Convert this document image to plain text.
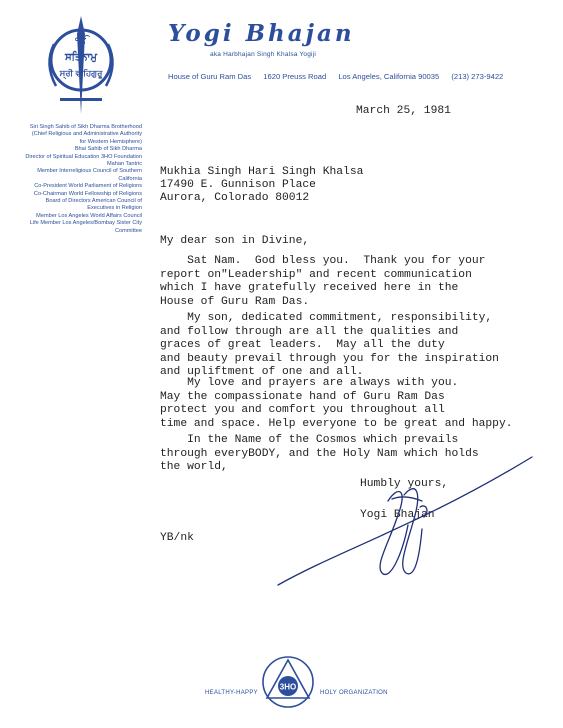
ੴ
ਸਤਿਨਾਮੁ
ਸ੍ਰੀ ਵਾਹਿਗੁਰੂ
Yogi Bhajan
aka Harbhajan Singh Khalsa Yogiji
House of Guru Ram Das 1620 Preuss Road Los Angeles, California 90035 (213) 273-9422
Siri Singh Sahib of Sikh Dharma Brotherhood
(Chief Religious and Administrative Authority
for Western Hemisphere)
Bhai Sahib of Sikh Dharma
Director of Spiritual Education 3HO Foundation
Mahan Tantric
Member Interreligious Council of Southern
California
Co-President World Parliament of Religions
Co-Chairman World Fellowship of Religions
Board of Directors American Council of
Executives in Religion
Member Los Angeles World Affairs Council
Life Member Los Angeles/Bombay Sister City
Committee
March 25, 1981
Mukhia Singh Hari Singh Khalsa
17490 E. Gunnison Place
Aurora, Colorado 80012
My dear son in Divine,
Sat Nam.  God bless you.  Thank you for your
report on"Leadership" and recent communication
which I have gratefully received here in the
House of Guru Ram Das.
My son, dedicated commitment, responsibility,
and follow through are all the qualities and
graces of great leaders.  May all the duty
and beauty prevail through you for the inspiration
and upliftment of one and all.
My love and prayers are always with you.
May the compassionate hand of Guru Ram Das
protect you and comfort you throughout all
time and space. Help everyone to be great and happy.
In the Name of the Cosmos which prevails
through everyBODY, and the Holy Nam which holds
the world,
Humbly yours,
Yogi Bhajan
YB/nk
3HO
HEALTHY-HAPPY	HOLY ORGANIZATION
